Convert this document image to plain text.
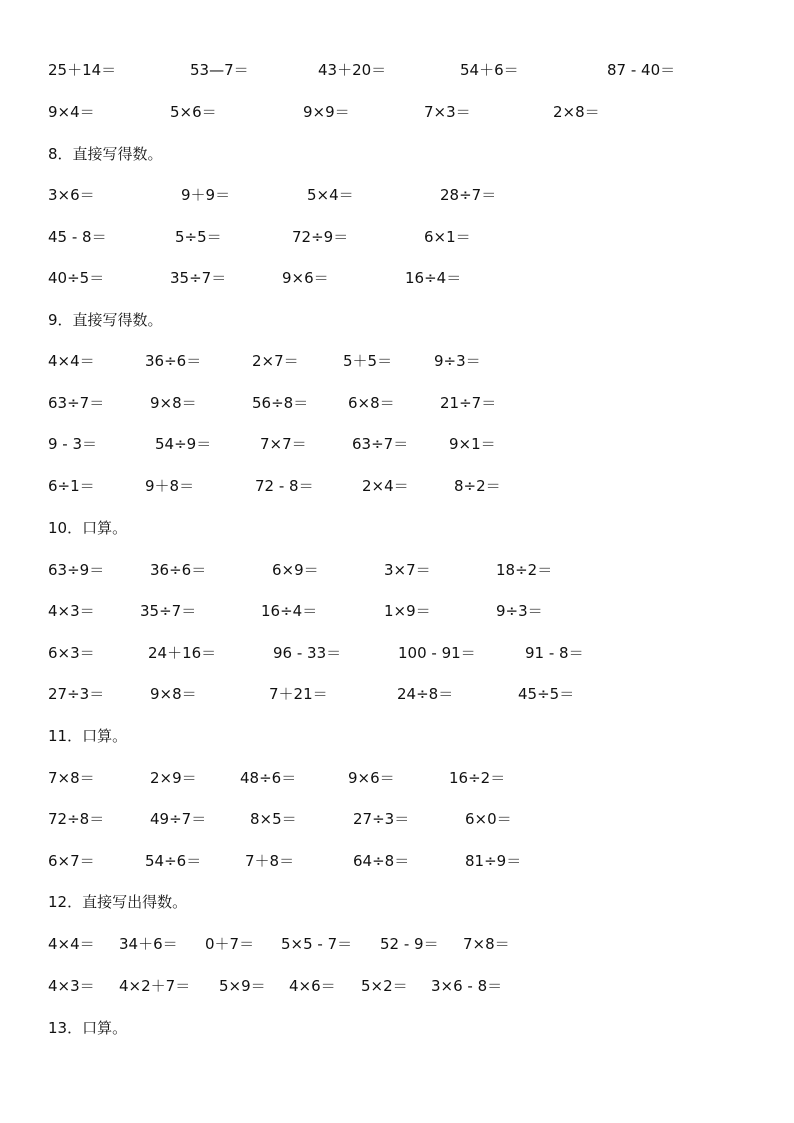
25＋14＝	53—7＝	43＋20＝	54＋6＝	87 - 40＝
9×4＝	5×6＝	9×9＝	7×3＝	2×8＝
8．直接写得数。
3×6＝	9＋9＝	5×4＝	28÷7＝
45 - 8＝	5÷5＝	72÷9＝	6×1＝
40÷5＝	35÷7＝	9×6＝	16÷4＝
9．直接写得数。
4×4＝	36÷6＝	2×7＝	5＋5＝	9÷3＝
63÷7＝	9×8＝	56÷8＝	6×8＝	21÷7＝
9 - 3＝	54÷9＝	7×7＝	63÷7＝	9×1＝
6÷1＝	9＋8＝	72 - 8＝	2×4＝	8÷2＝
10．口算。
63÷9＝	36÷6＝	6×9＝	3×7＝	18÷2＝
4×3＝	35÷7＝	16÷4＝	1×9＝	9÷3＝
6×3＝	24＋16＝	96 - 33＝	100 - 91＝	91 - 8＝
27÷3＝	9×8＝	7＋21＝	24÷8＝	45÷5＝
11．口算。
7×8＝	2×9＝	48÷6＝	9×6＝	16÷2＝
72÷8＝	49÷7＝	8×5＝	27÷3＝	6×0＝
6×7＝	54÷6＝	7＋8＝	64÷8＝	81÷9＝
12．直接写出得数。
4×4＝ 34＋6＝ 0＋7＝ 5×5 - 7＝ 52 - 9＝ 7×8＝
4×3＝ 4×2＋7＝ 5×9＝ 4×6＝ 5×2＝ 3×6 - 8＝
13．口算。
